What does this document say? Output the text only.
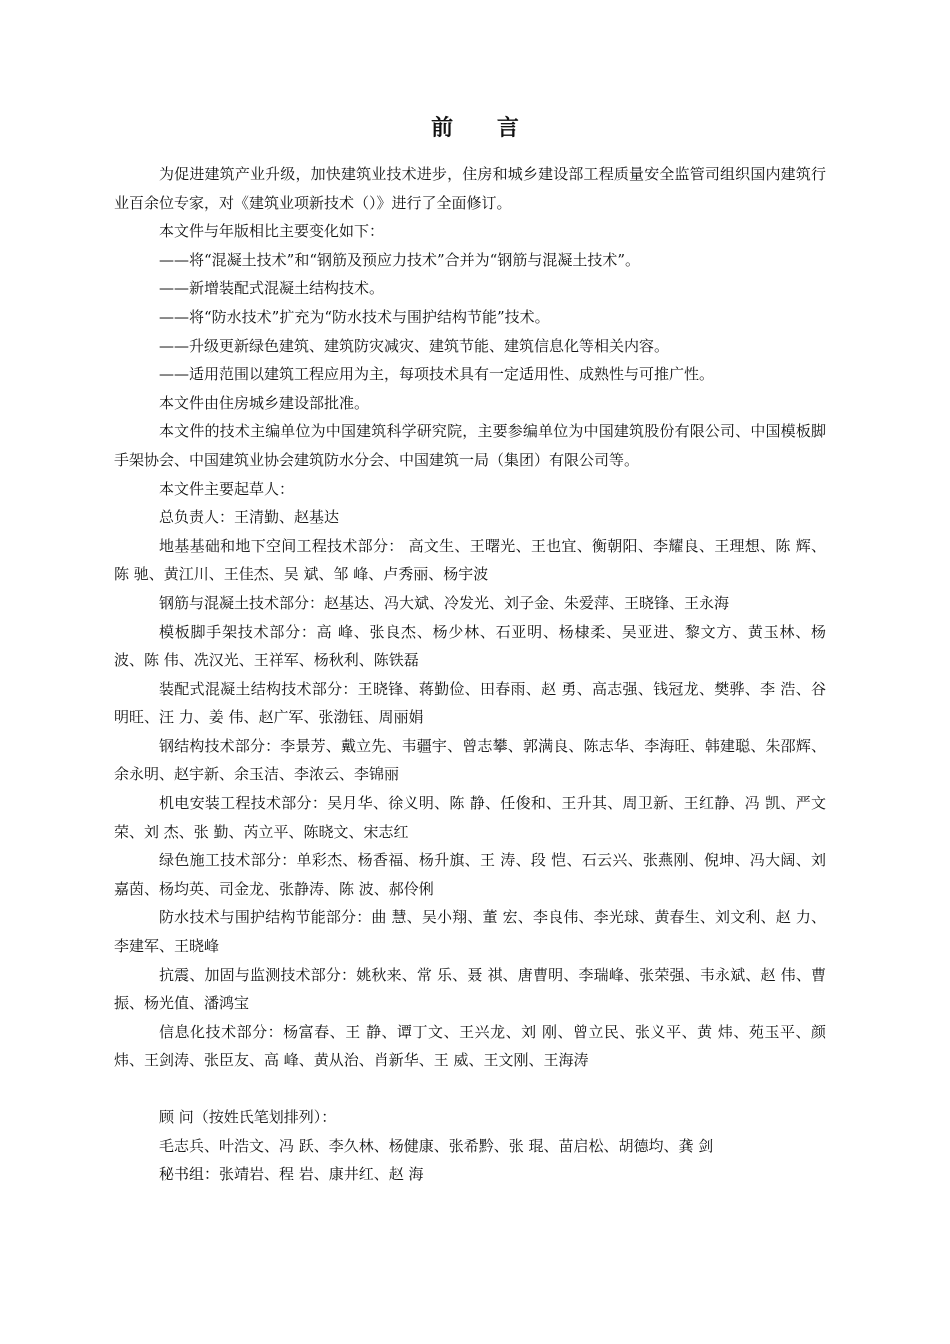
前 言

为促进建筑产业升级，加快建筑业技术进步，住房和城乡建设部工程质量安全监管司组织国内建筑行业百余位专家，对《建筑业项新技术（）》进行了全面修订。

本文件与年版相比主要变化如下：

——将“混凝土技术”和“钢筋及预应力技术”合并为“钢筋与混凝土技术”。

——新增装配式混凝土结构技术。

——将“防水技术”扩充为“防水技术与围护结构节能”技术。

——升级更新绿色建筑、建筑防灾减灾、建筑节能、建筑信息化等相关内容。

——适用范围以建筑工程应用为主，每项技术具有一定适用性、成熟性与可推广性。

本文件由住房城乡建设部批准。

本文件的技术主编单位为中国建筑科学研究院，主要参编单位为中国建筑股份有限公司、中国模板脚手架协会、中国建筑业协会建筑防水分会、中国建筑一局（集团）有限公司等。

本文件主要起草人：

总负责人：王清勤、赵基达

地基基础和地下空间工程技术部分： 高文生、王曙光、王也宜、衡朝阳、李耀良、王理想、陈 辉、陈 驰、黄江川、王佳杰、吴 斌、邹 峰、卢秀丽、杨宇波

钢筋与混凝土技术部分：赵基达、冯大斌、冷发光、刘子金、朱爱萍、王晓锋、王永海

模板脚手架技术部分：高 峰、张良杰、杨少林、石亚明、杨棣柔、吴亚进、黎文方、黄玉林、杨 波、陈 伟、冼汉光、王祥军、杨秋利、陈铁磊

装配式混凝土结构技术部分：王晓锋、蒋勤俭、田春雨、赵 勇、高志强、钱冠龙、樊骅、李 浩、谷明旺、汪 力、姜 伟、赵广军、张渤钰、周丽娟

钢结构技术部分：李景芳、戴立先、韦疆宇、曾志攀、郭满良、陈志华、李海旺、韩建聪、朱邵辉、余永明、赵宇新、余玉洁、李浓云、李锦丽

机电安装工程技术部分：吴月华、徐义明、陈 静、任俊和、王升其、周卫新、王红静、冯 凯、严文荣、刘 杰、张 勤、芮立平、陈晓文、宋志红

绿色施工技术部分：单彩杰、杨香福、杨升旗、王 涛、段 恺、石云兴、张燕刚、倪坤、冯大阔、刘嘉茵、杨均英、司金龙、张静涛、陈 波、郝伶俐

防水技术与围护结构节能部分：曲 慧、吴小翔、董 宏、李良伟、李光球、黄春生、刘文利、赵 力、李建军、王晓峰

抗震、加固与监测技术部分：姚秋来、常 乐、聂 祺、唐曹明、李瑞峰、张荣强、韦永斌、赵 伟、曹 振、杨光值、潘鸿宝

信息化技术部分：杨富春、王 静、谭丁文、王兴龙、刘 刚、曾立民、张义平、黄 炜、苑玉平、颜 炜、王剑涛、张臣友、高 峰、黄从治、肖新华、王 威、王文刚、王海涛

顾 问（按姓氏笔划排列）：

毛志兵、叶浩文、冯 跃、李久林、杨健康、张希黔、张 琨、苗启松、胡德均、龚 剑

秘书组：张靖岩、程 岩、康井红、赵 海
